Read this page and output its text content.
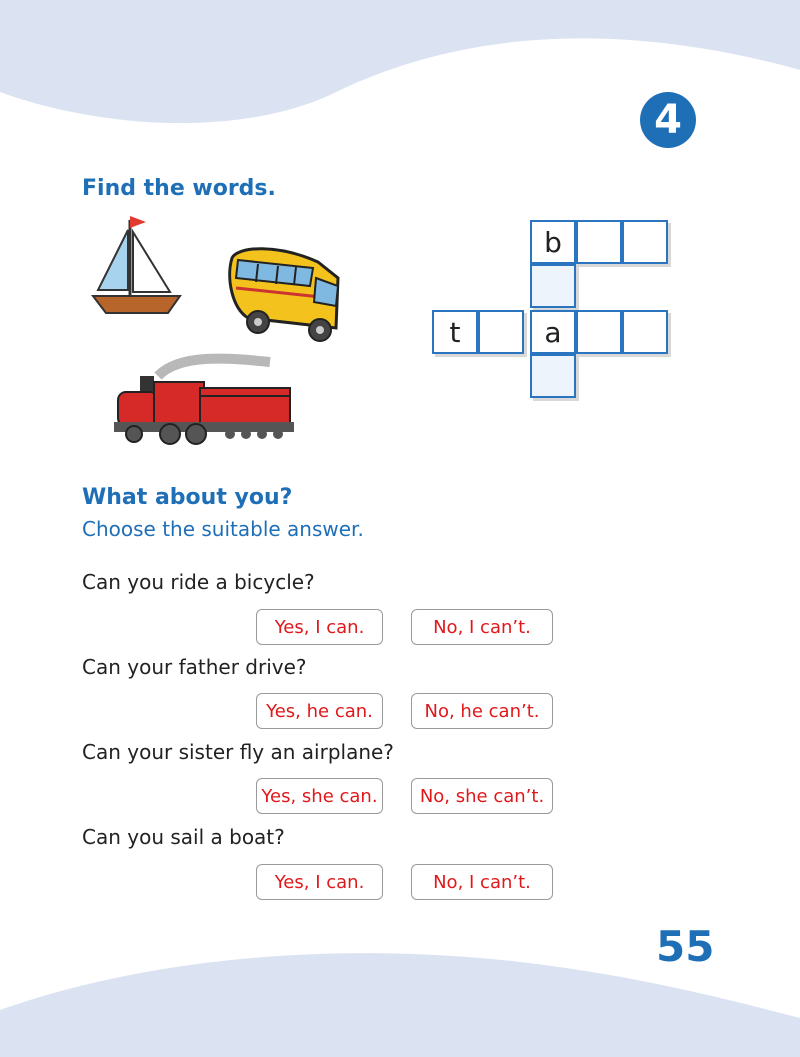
4
Find the words.
b
t	a
What about you?
Choose the suitable answer.
Can you ride a bicycle?
Yes, I can.	No, I can’t.
Can your father drive?
Yes, he can.	No, he can’t.
Can your sister fly an airplane?
Yes, she can.	No, she can’t.
Can you sail a boat?
Yes, I can.	No, I can’t.
55
